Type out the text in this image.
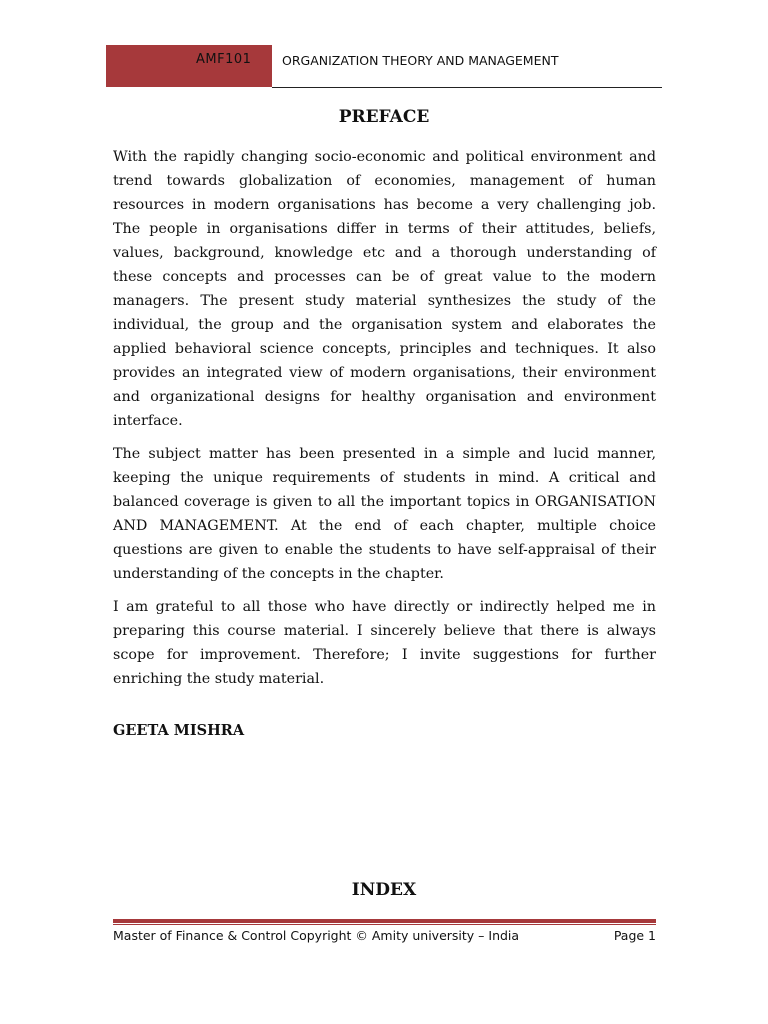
AMF101 ORGANIZATION THEORY AND MANAGEMENT
PREFACE

With the rapidly changing socio-economic and political environment and trend towards globalization of economies, management of human resources in modern organisations has become a very challenging job. The people in organisations differ in terms of their attitudes, beliefs, values, background, knowledge etc and a thorough understanding of these concepts and processes can be of great value to the modern managers. The present study material synthesizes the study of the individual, the group and the organisation system and elaborates the applied behavioral science concepts, principles and techniques. It also provides an integrated view of modern organisations, their environment and organizational designs for healthy organisation and environment interface.

The subject matter has been presented in a simple and lucid manner, keeping the unique requirements of students in mind. A critical and balanced coverage is given to all the important topics in ORGANISATION AND MANAGEMENT. At the end of each chapter, multiple choice questions are given to enable the students to have self-appraisal of their understanding of the concepts in the chapter.

I am grateful to all those who have directly or indirectly helped me in preparing this course material. I sincerely believe that there is always scope for improvement. Therefore; I invite suggestions for further enriching the study material.

GEETA MISHRA
INDEX
Master of Finance & Control Copyright © Amity university – India	Page 1
